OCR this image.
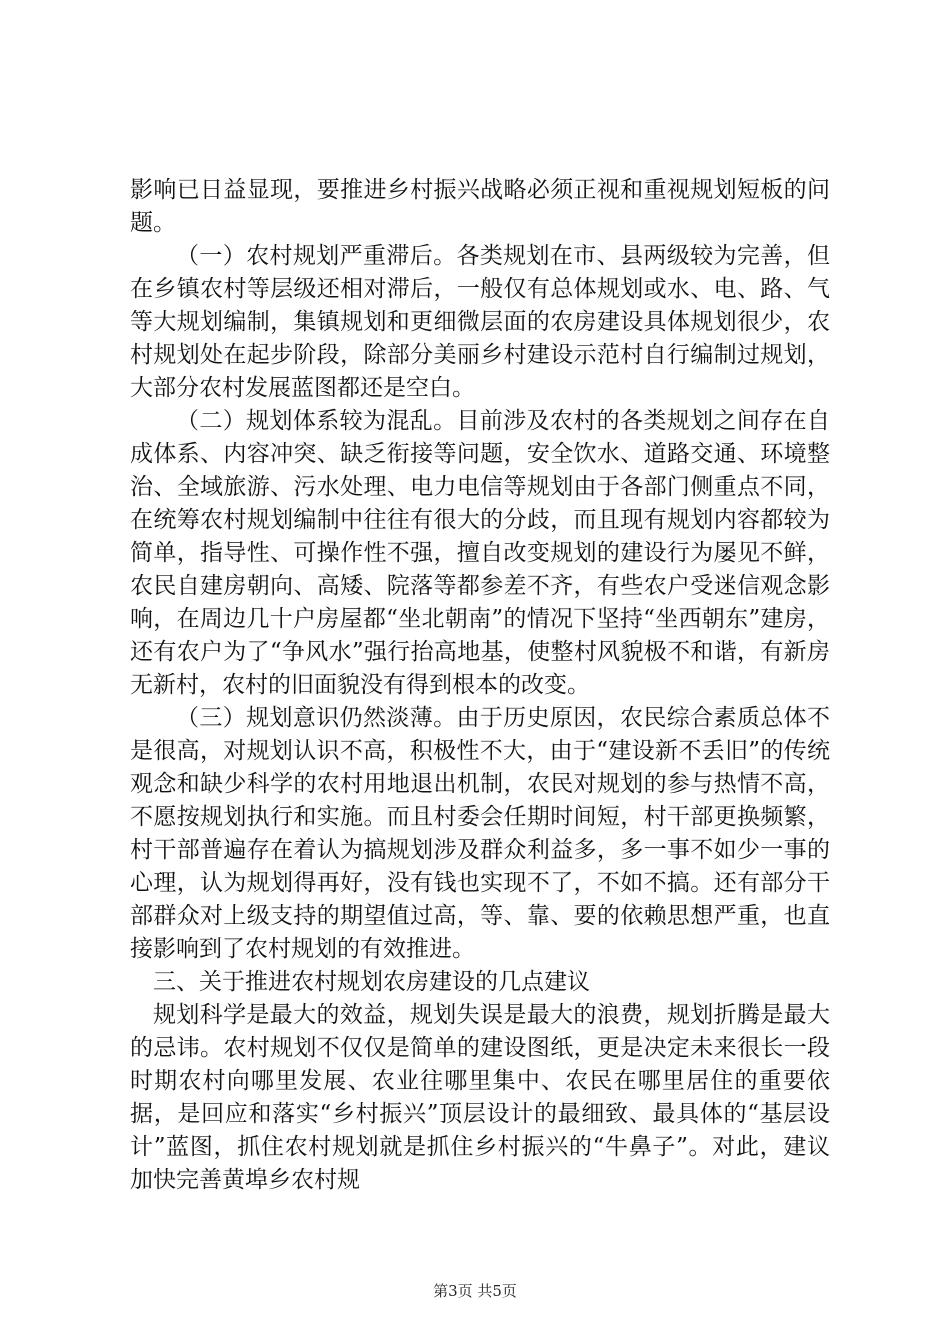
影响已日益显现，要推进乡村振兴战略必须正视和重视规划短板的问题。

（一）农村规划严重滞后。各类规划在市、县两级较为完善，但在乡镇农村等层级还相对滞后，一般仅有总体规划或水、电、路、气等大规划编制，集镇规划和更细微层面的农房建设具体规划很少，农村规划处在起步阶段，除部分美丽乡村建设示范村自行编制过规划，大部分农村发展蓝图都还是空白。

（二）规划体系较为混乱。目前涉及农村的各类规划之间存在自成体系、内容冲突、缺乏衔接等问题，安全饮水、道路交通、环境整治、全域旅游、污水处理、电力电信等规划由于各部门侧重点不同，在统筹农村规划编制中往往有很大的分歧，而且现有规划内容都较为简单，指导性、可操作性不强，擅自改变规划的建设行为屡见不鲜，农民自建房朝向、高矮、院落等都参差不齐，有些农户受迷信观念影响，在周边几十户房屋都“坐北朝南”的情况下坚持“坐西朝东”建房，还有农户为了“争风水”强行抬高地基，使整村风貌极不和谐，有新房无新村，农村的旧面貌没有得到根本的改变。

（三）规划意识仍然淡薄。由于历史原因，农民综合素质总体不是很高，对规划认识不高，积极性不大，由于“建设新不丢旧”的传统观念和缺少科学的农村用地退出机制，农民对规划的参与热情不高，不愿按规划执行和实施。而且村委会任期时间短，村干部更换频繁，村干部普遍存在着认为搞规划涉及群众利益多，多一事不如少一事的心理，认为规划得再好，没有钱也实现不了，不如不搞。还有部分干部群众对上级支持的期望值过高，等、靠、要的依赖思想严重，也直接影响到了农村规划的有效推进。

三、关于推进农村规划农房建设的几点建议

规划科学是最大的效益，规划失误是最大的浪费，规划折腾是最大的忌讳。农村规划不仅仅是简单的建设图纸，更是决定未来很长一段时期农村向哪里发展、农业往哪里集中、农民在哪里居住的重要依据，是回应和落实“乡村振兴”顶层设计的最细致、最具体的“基层设计”蓝图，抓住农村规划就是抓住乡村振兴的“牛鼻子”。对此，建议加快完善黄埠乡农村规

第3页 共5页
